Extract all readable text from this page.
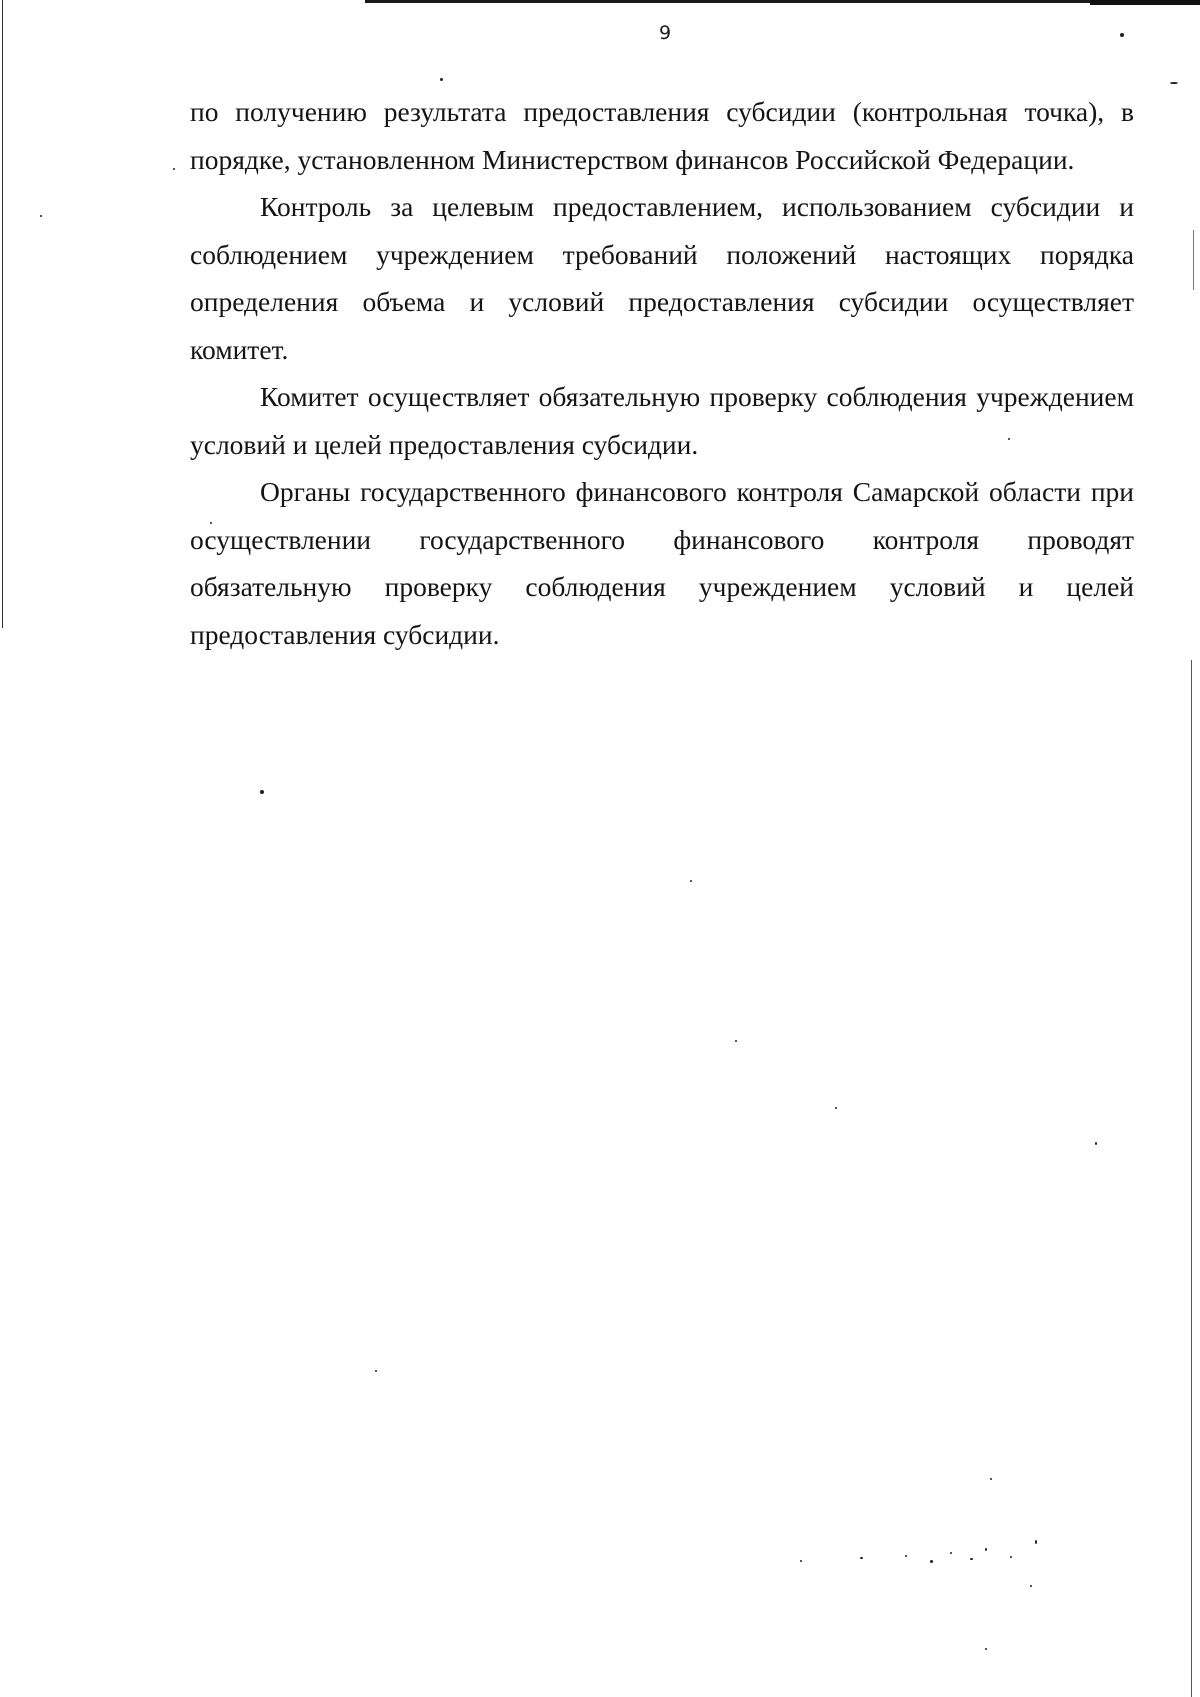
9

по получению результата предоставления субсидии (контрольная точка), в порядке, установленном Министерством финансов Российской Федерации.

Контроль за целевым предоставлением, использованием субсидии и соблюдением учреждением требований положений настоящих порядка определения объема и условий предоставления субсидии осуществляет комитет.

Комитет осуществляет обязательную проверку соблюдения учреждением условий и целей предоставления субсидии.

Органы государственного финансового контроля Самарской области при осуществлении государственного финансового контроля проводят обязательную проверку соблюдения учреждением условий и целей предоставления субсидии.
